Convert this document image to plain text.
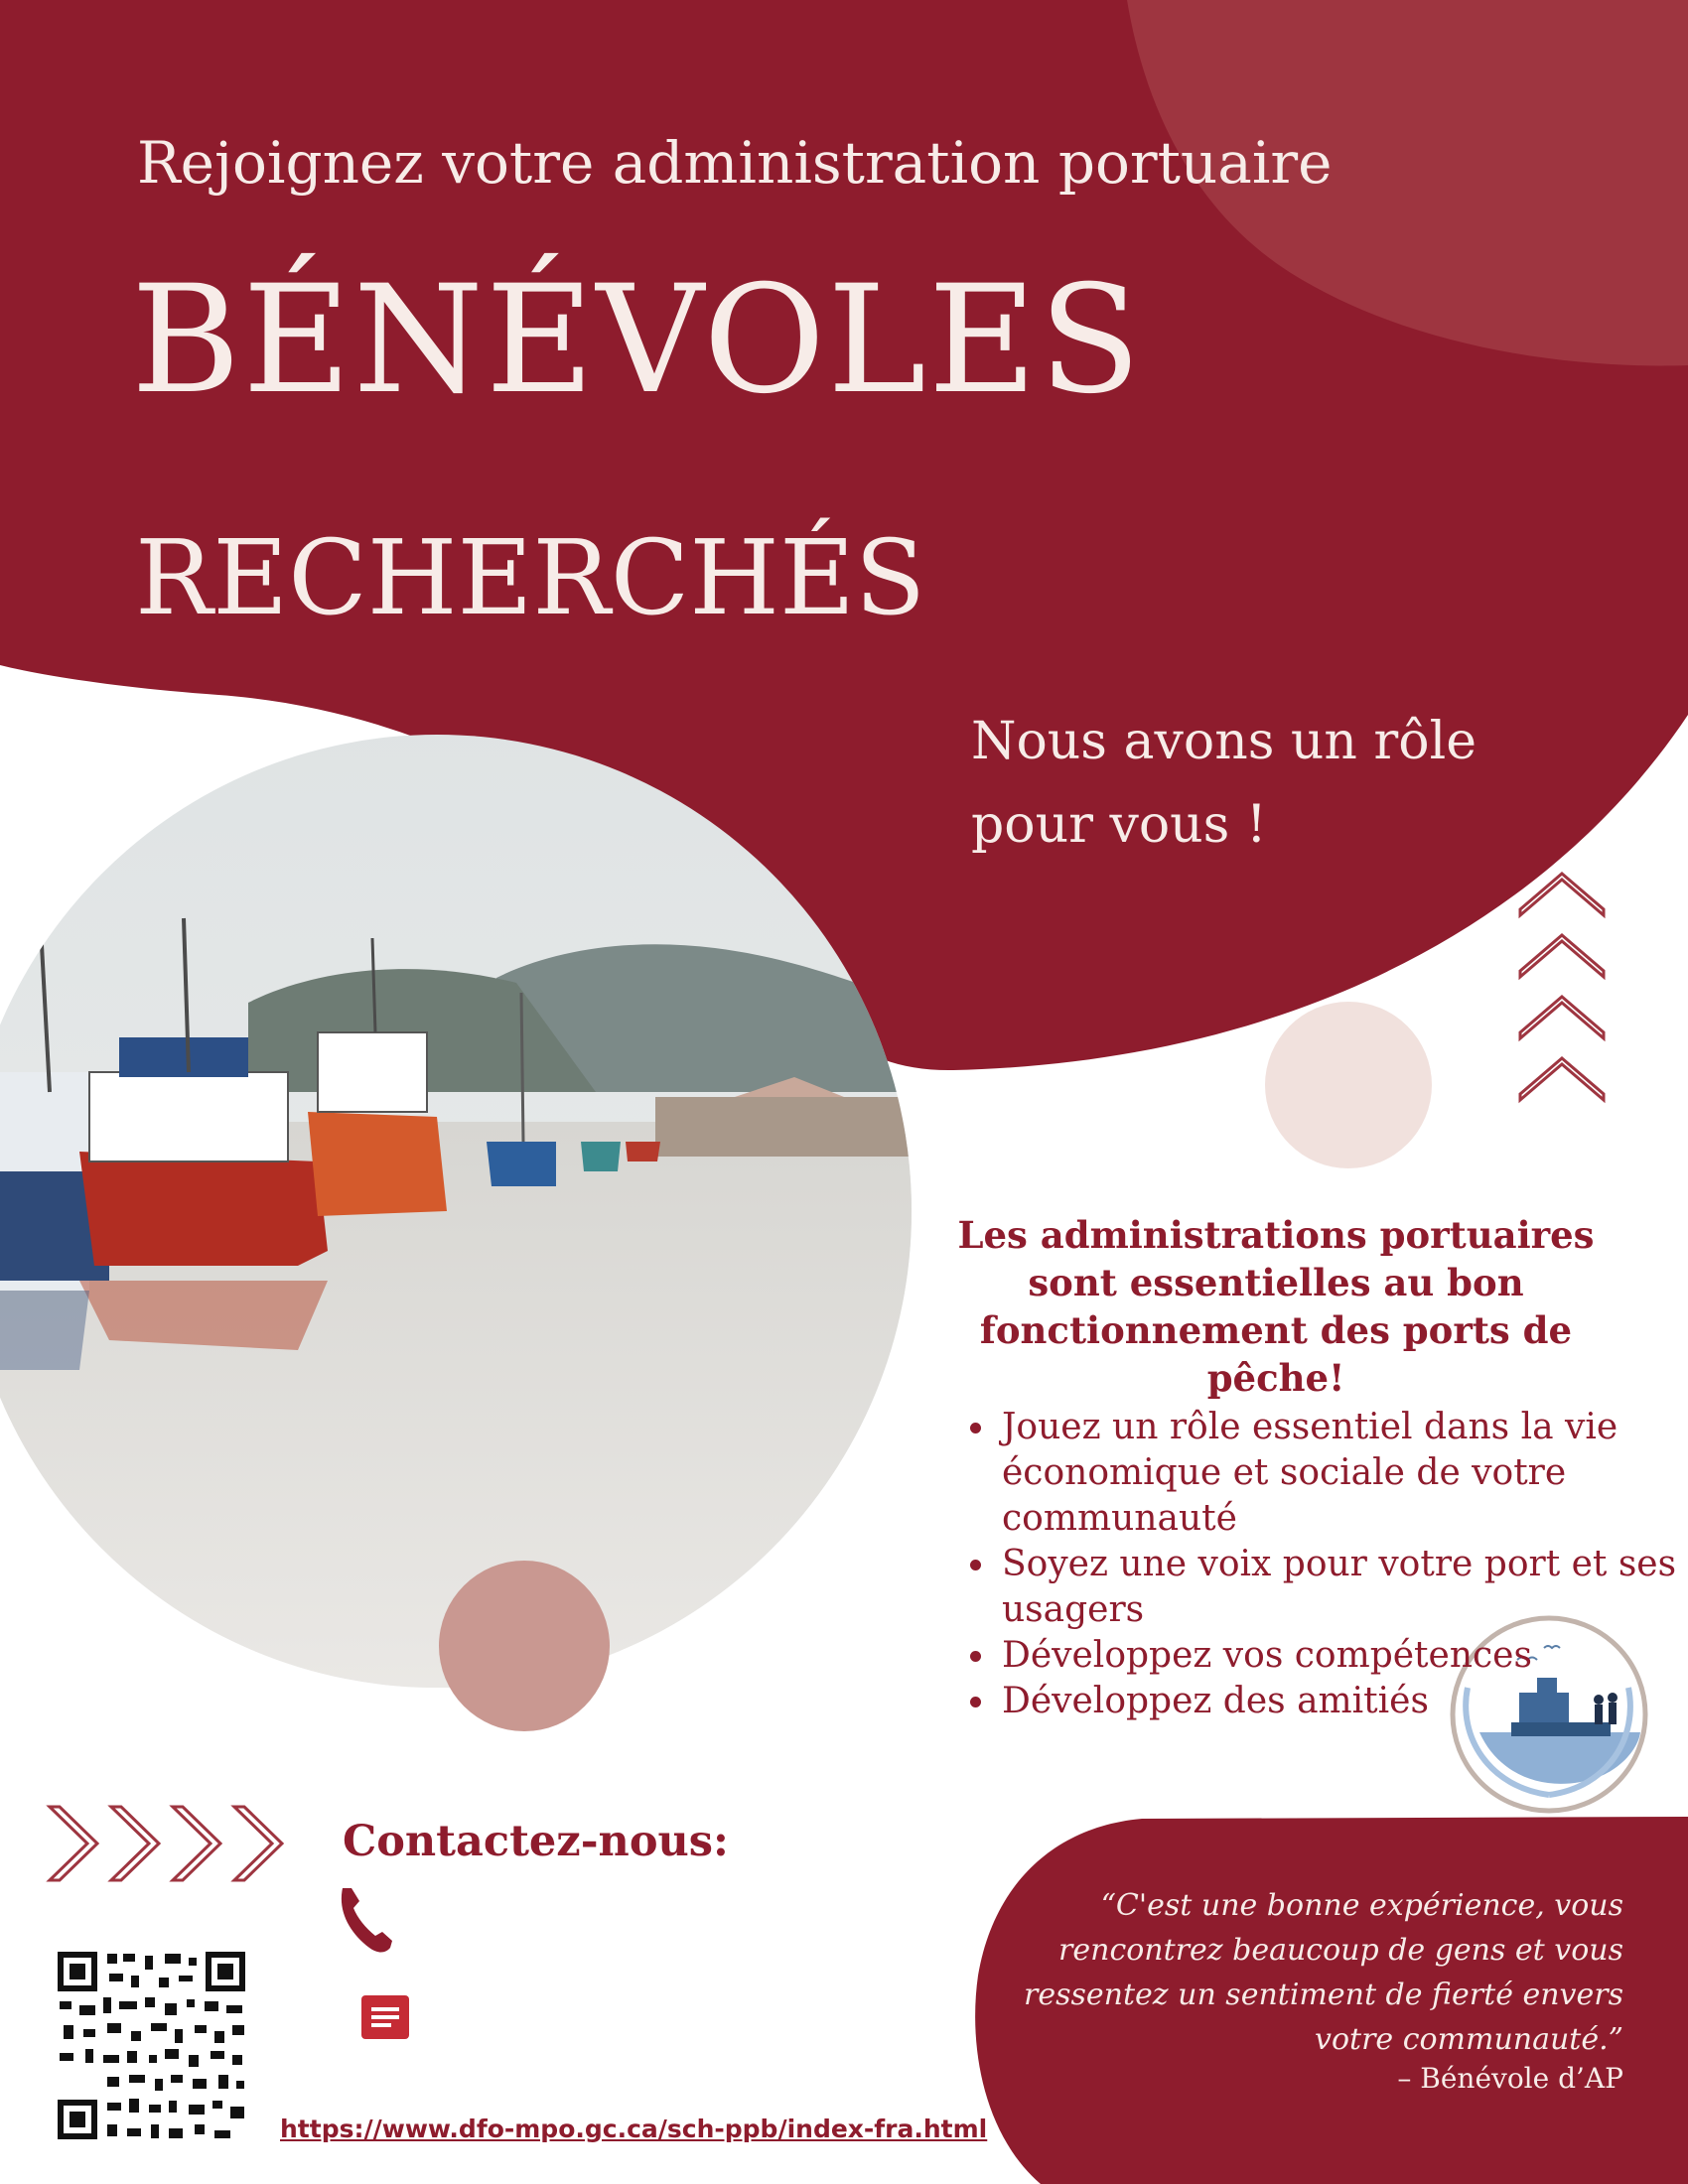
Rejoignez votre administration portuaire
BÉNÉVOLES
RECHERCHÉS
Nous avons un rôle pour vous !
Les administrations portuaires sont essentielles au bon fonctionnement des ports de pêche!
• Jouez un rôle essentiel dans la vie économique et sociale de votre communauté
• Soyez une voix pour votre port et ses usagers
• Développez vos compétences
• Développez des amitiés
Contactez-nous:
“C'est une bonne expérience, vous rencontrez beaucoup de gens et vous ressentez un sentiment de fierté envers votre communauté.”
– Bénévole d’AP
https://www.dfo-mpo.gc.ca/sch-ppb/index-fra.html
